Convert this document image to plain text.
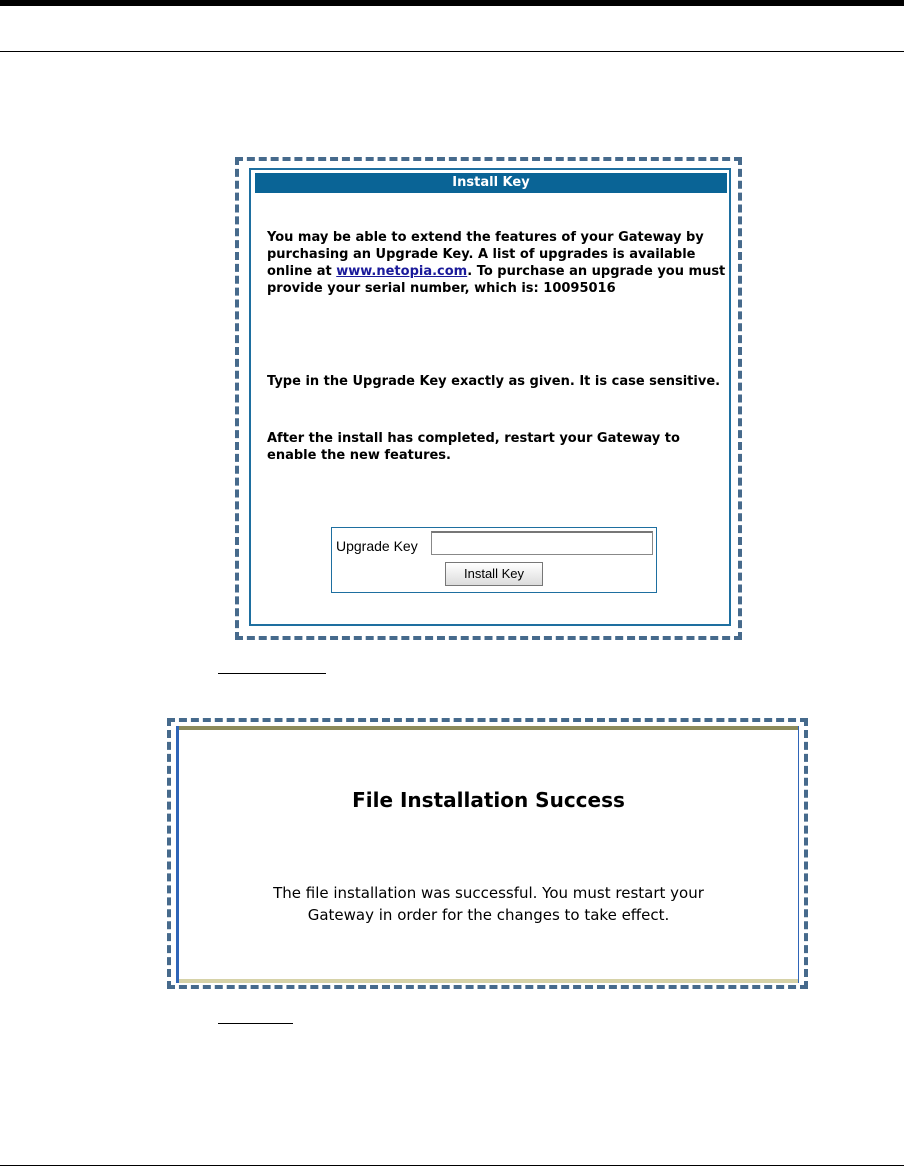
Install Key
You may be able to extend the features of your Gateway by purchasing an Upgrade Key. A list of upgrades is available online at www.netopia.com. To purchase an upgrade you must provide your serial number, which is: 10095016
Type in the Upgrade Key exactly as given. It is case sensitive.
After the install has completed, restart your Gateway to enable the new features.
Upgrade Key
Install Key
File Installation Success
The file installation was successful. You must restart your
Gateway in order for the changes to take effect.
